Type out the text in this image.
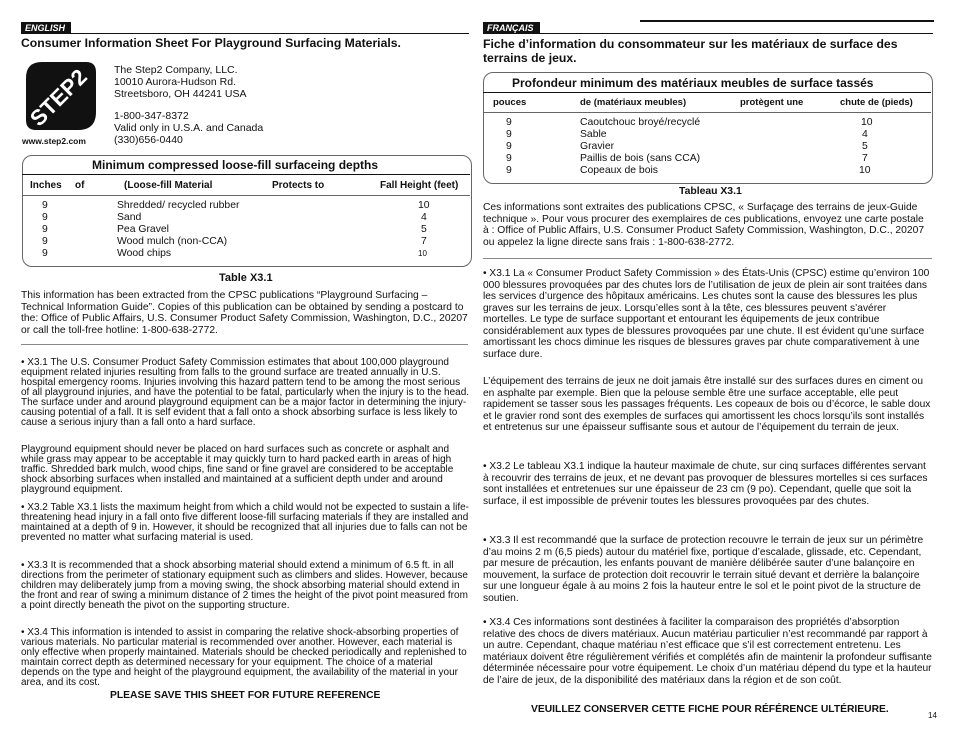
ENGLISH
Consumer Information Sheet For Playground Surfacing Materials.
STEP2
www.step2.com
The Step2 Company, LLC.
10010 Aurora-Hudson Rd.
Streetsboro, OH 44241 USA
1-800-347-8372
Valid only in U.S.A. and Canada
(330)656-0440
Minimum compressed loose-fill surfaceing depths
Inches of	(Loose-fill Material	Protects to	Fall Height (feet)
9	Shredded/ recycled rubber	10
9	Sand	4
9	Pea Gravel	5
9	Wood mulch (non-CCA)	7
9	Wood chips	10
Table X3.1

This information has been extracted from the CPSC publications “Playground Surfacing – Technical Information Guide”. Copies of this publication can be obtained by sending a postcard to the: Office of Public Affairs, U.S. Consumer Product Safety Commission, Washington, D.C., 20207 or call the toll-free hotline: 1-800-638-2772.

• X3.1 The U.S. Consumer Product Safety Commission estimates that about 100,000 playground equipment related injuries resulting from falls to the ground surface are treated annually in U.S. hospital emergency rooms. Injuries involving this hazard pattern tend to be among the most serious of all playground injuries, and have the potential to be fatal, particularly when the injury is to the head. The surface under and around playground equipment can be a major factor in determining the injury-causing potential of a fall. It is self evident that a fall onto a shock absorbing surface is less likely to cause a serious injury than a fall onto a hard surface.

Playground equipment should never be placed on hard surfaces such as concrete or asphalt and while grass may appear to be acceptable it may quickly turn to hard packed earth in areas of high traffic. Shredded bark mulch, wood chips, fine sand or fine gravel are considered to be acceptable shock absorbing surfaces when installed and maintained at a sufficient depth under and around playground equipment.

• X3.2 Table X3.1 lists the maximum height from which a child would not be expected to sustain a life-threatening head injury in a fall onto five different loose-fill surfacing materials if they are installed and maintained at a depth of 9 in. However, it should be recognized that all injuries due to falls can not be prevented no matter what surfacing material is used.

• X3.3 It is recommended that a shock absorbing material should extend a minimum of 6.5 ft. in all directions from the perimeter of stationary equipment such as climbers and slides. However, because children may deliberately jump from a moving swing, the shock absorbing material should extend in the front and rear of swing a minimum distance of 2 times the height of the pivot point measured from a point directly beneath the pivot on the supporting structure.

• X3.4 This information is intended to assist in comparing the relative shock-absorbing properties of various materials. No particular material is recommended over another. However, each material is only effective when properly maintained. Materials should be checked periodically and replenished to maintain correct depth as determined necessary for your equipment. The choice of a material depends on the type and height of the playground equipment, the availability of the material in your area, and its cost.

PLEASE SAVE THIS SHEET FOR FUTURE REFERENCE
FRANÇAIS
Fiche d’information du consommateur sur les matériaux de surface des terrains de jeux.
Profondeur minimum des matériaux meubles de surface tassés
pouces	de (matériaux meubles)	protègent une	chute de (pieds)
9	Caoutchouc broyé/recyclé	10
9	Sable	4
9	Gravier	5
9	Paillis de bois (sans CCA)	7
9	Copeaux de bois	10
Tableau X3.1

Ces informations sont extraites des publications CPSC, « Surfaçage des terrains de jeux-Guide technique ». Pour vous procurer des exemplaires de ces publications, envoyez une carte postale à : Office of Public Affairs, U.S. Consumer Product Safety Commission, Washington, D.C., 20207 ou appelez la ligne directe sans frais : 1-800-638-2772.

• X3.1 La « Consumer Product Safety Commission » des États-Unis (CPSC) estime qu’environ 100 000 blessures provoquées par des chutes lors de l’utilisation de jeux de plein air sont traitées dans les services d’urgence des hôpitaux américains. Les chutes sont la cause des blessures les plus graves sur les terrains de jeux. Lorsqu’elles sont à la tête, ces blessures peuvent s’avérer mortelles. Le type de surface supportant et entourant les équipements de jeux contribue considérablement aux types de blessures provoquées par une chute. Il est évident qu’une surface amortissant les chocs diminue les risques de blessures graves par chute comparativement à une surface dure.

L’équipement des terrains de jeux ne doit jamais être installé sur des surfaces dures en ciment ou en asphalte par exemple. Bien que la pelouse semble être une surface acceptable, elle peut rapidement se tasser sous les passages fréquents. Les copeaux de bois ou d’écorce, le sable doux et le gravier rond sont des exemples de surfaces qui amortissent les chocs lorsqu’ils sont installés et entretenus sur une épaisseur suffisante sous et autour de l’équipement du terrain de jeux.

• X3.2 Le tableau X3.1 indique la hauteur maximale de chute, sur cinq surfaces différentes servant à recouvrir des terrains de jeux, et ne devant pas provoquer de blessures mortelles si ces surfaces sont installées et entretenues sur une épaisseur de 23 cm (9 po). Cependant, quelle que soit la surface, il est impossible de prévenir toutes les blessures provoquées par des chutes.

• X3.3 Il est recommandé que la surface de protection recouvre le terrain de jeux sur un périmètre d’au moins 2 m (6,5 pieds) autour du matériel fixe, portique d’escalade, glissade, etc. Cependant, par mesure de précaution, les enfants pouvant de manière délibérée sauter d’une balançoire en mouvement, la surface de protection doit recouvrir le terrain situé devant et derrière la balançoire sur une longueur égale à au moins 2 fois la hauteur entre le sol et le point pivot de la structure de soutien.

• X3.4 Ces informations sont destinées à faciliter la comparaison des propriétés d’absorption relative des chocs de divers matériaux. Aucun matériau particulier n’est recommandé par rapport à un autre. Cependant, chaque matériau n’est efficace que s’il est correctement entretenu. Les matériaux doivent être régulièrement vérifiés et complétés afin de maintenir la profondeur suffisante déterminée nécessaire pour votre équipement. Le choix d’un matériau dépend du type et la hauteur de l’aire de jeux, de la disponibilité des matériaux dans la région et de son coût.

VEUILLEZ CONSERVER CETTE FICHE POUR RÉFÉRENCE ULTÉRIEURE.
14
